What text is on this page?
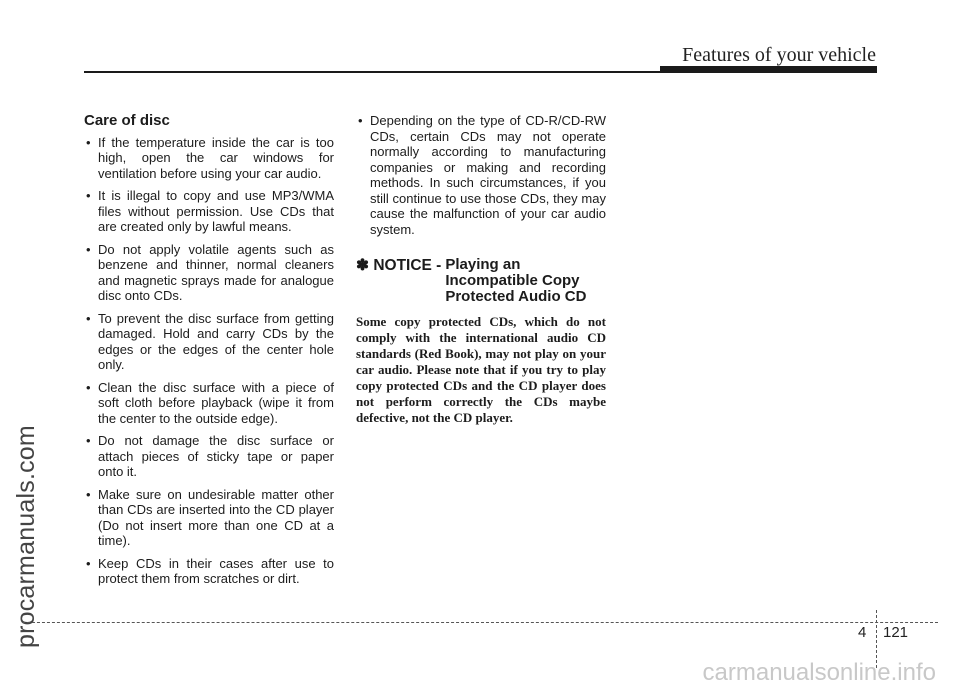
Features of your vehicle
procarmanuals.com
Care of disc
• If the temperature inside the car is too high, open the car windows for ventilation before using your car audio.
• It is illegal to copy and use MP3/WMA files without permission. Use CDs that are created only by lawful means.
• Do not apply volatile agents such as benzene and thinner, normal cleaners and magnetic sprays made for analogue disc onto CDs.
• To prevent the disc surface from getting damaged. Hold and carry CDs by the edges or the edges of the center hole only.
• Clean the disc surface with a piece of soft cloth before playback (wipe it from the center to the outside edge).
• Do not damage the disc surface or attach pieces of sticky tape or paper onto it.
• Make sure on undesirable matter other than CDs are inserted into the CD player (Do not insert more than one CD at a time).
• Keep CDs in their cases after use to protect them from scratches or dirt.
• Depending on the type of CD-R/CD-RW CDs, certain CDs may not operate normally according to manufacturing companies or making and recording methods. In such circumstances, if you still continue to use those CDs, they may cause the malfunction of your car audio system.
✽ NOTICE - Playing an
Incompatible Copy
Protected Audio CD
Some copy protected CDs, which do not comply with the international audio CD standards (Red Book), may not play on your car audio. Please note that if you try to play copy protected CDs and the CD player does not perform correctly the CDs maybe defective, not the CD player.
4 121
carmanualsonline.info
